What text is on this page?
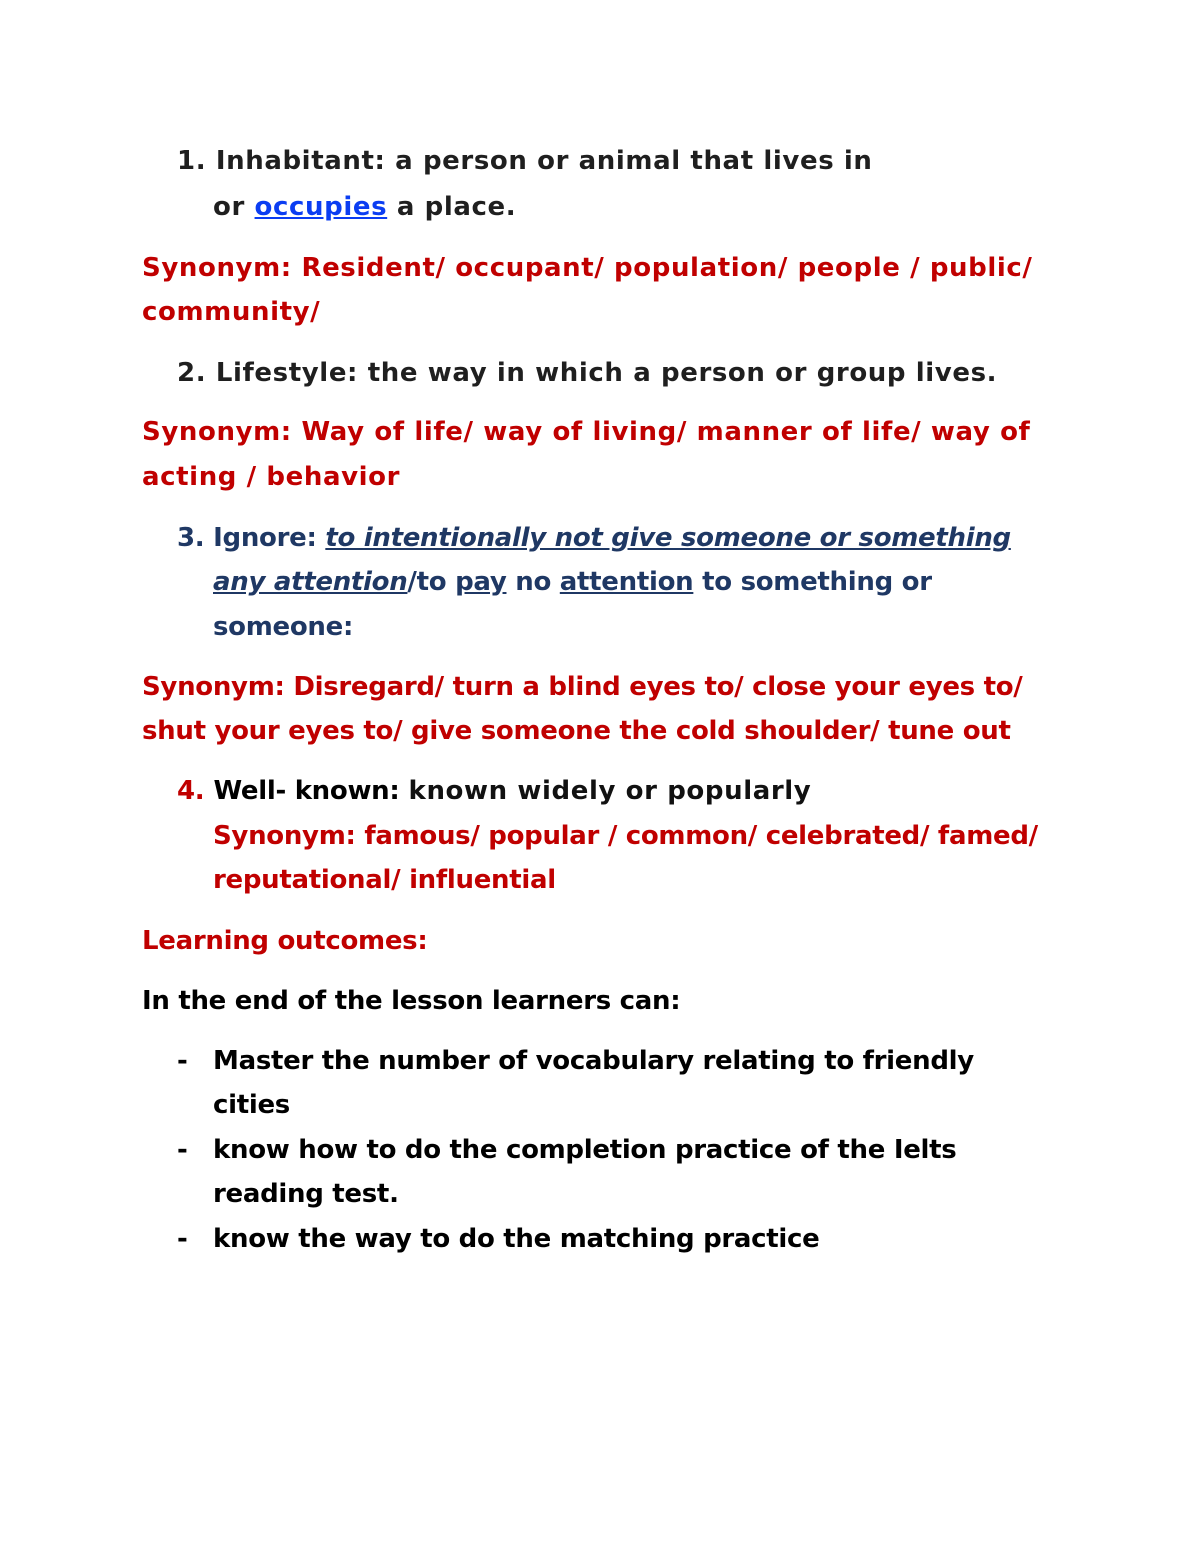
1. Inhabitant: a person or animal that lives in
or occupies a place.
Synonym: Resident/ occupant/ population/ people / public/
community/
2. Lifestyle: the way in which a person or group lives.
Synonym: Way of life/ way of living/ manner of life/ way of
acting / behavior
3. Ignore: to intentionally not give someone or something
any attention/to pay no attention to something or
someone:
Synonym: Disregard/ turn a blind eyes to/ close your eyes to/
shut your eyes to/ give someone the cold shoulder/ tune out
4. Well- known: known widely or popularly
Synonym: famous/ popular / common/ celebrated/ famed/
reputational/ influential
Learning outcomes:
In the end of the lesson learners can:
- Master the number of vocabulary relating to friendly
cities
- know how to do the completion practice of the Ielts
reading test.
- know the way to do the matching practice
